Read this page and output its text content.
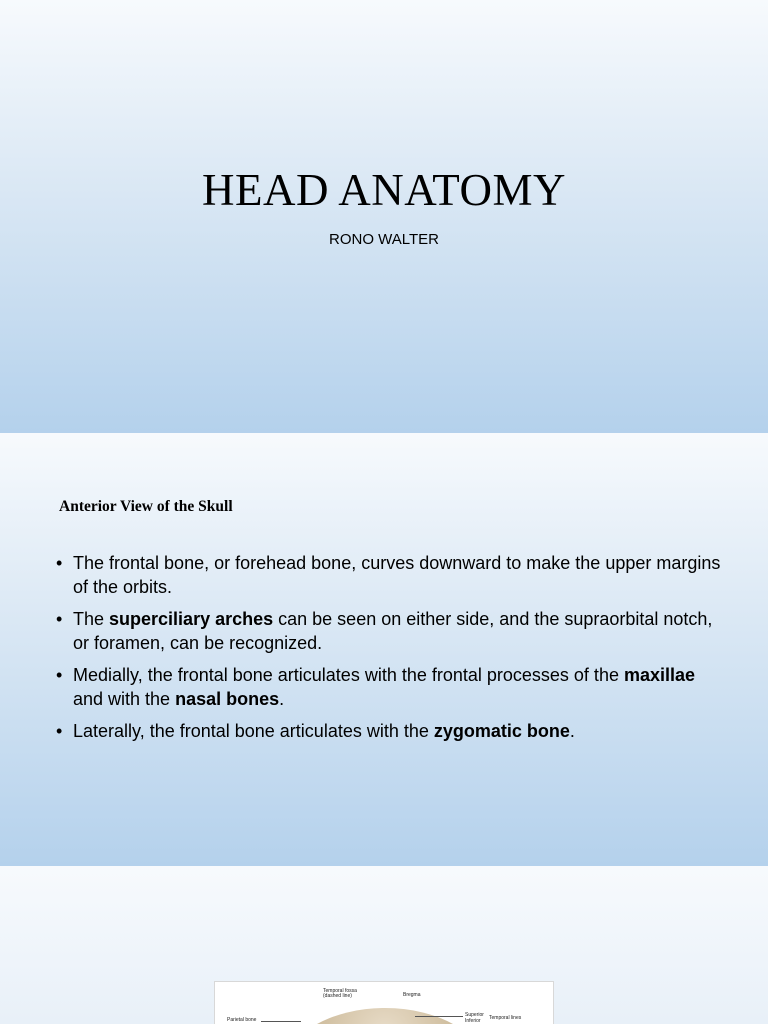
HEAD ANATOMY
RONO WALTER
Anterior View of the Skull
• The frontal bone, or forehead bone, curves downward to make the upper margins of the orbits.
• The superciliary arches can be seen on either side, and the supraorbital notch, or foramen, can be recognized.
• Medially, the frontal bone articulates with the frontal processes of the maxillae and with the nasal bones.
• Laterally, the frontal bone articulates with the zygomatic bone.
Temporal fossa (dashed line)	Bregma
Superior
Inferior Temporal lines
Parietal bone
